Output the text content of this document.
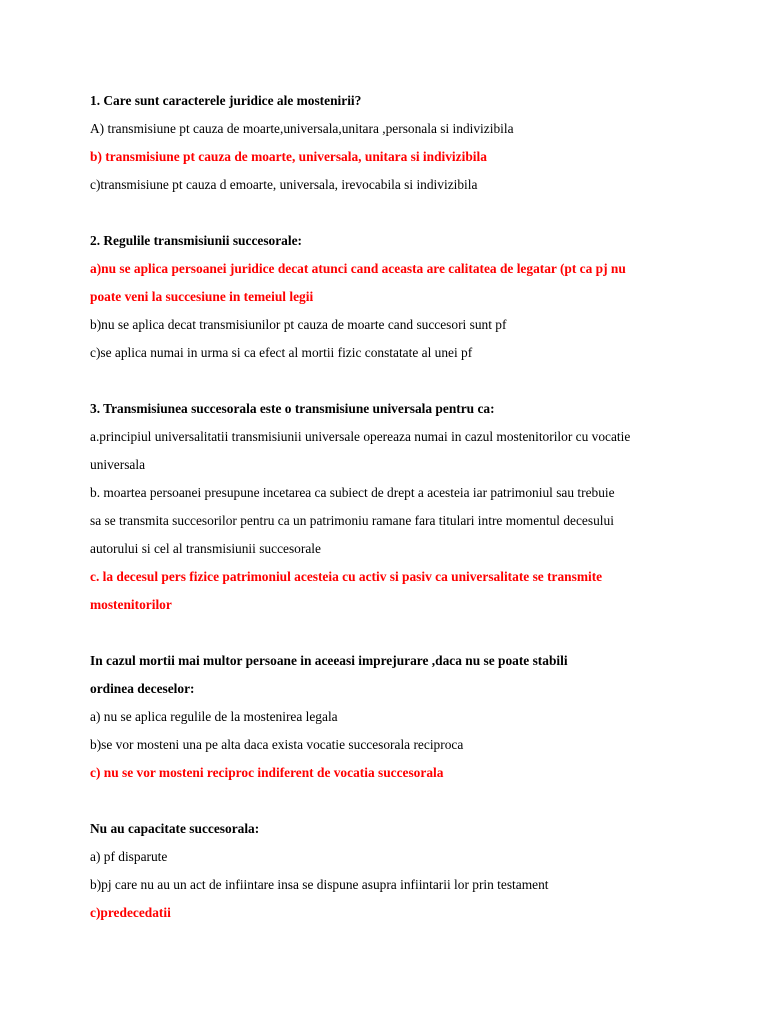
1. Care sunt caracterele juridice ale mostenirii?
A) transmisiune pt cauza de moarte,universala,unitara ,personala si indivizibila
b) transmisiune pt cauza de moarte, universala, unitara si indivizibila
c)transmisiune pt cauza d emoarte, universala, irevocabila si indivizibila
2. Regulile transmisiunii succesorale:
a)nu se aplica persoanei juridice decat atunci cand aceasta are calitatea de legatar (pt ca pj nu
poate veni la succesiune in temeiul legii
b)nu se aplica decat transmisiunilor pt cauza de moarte cand succesori sunt pf
c)se aplica numai in urma si ca efect al mortii fizic constatate al unei pf
3. Transmisiunea succesorala este o transmisiune universala pentru ca:
a.principiul universalitatii transmisiunii universale opereaza numai in cazul mostenitorilor cu vocatie
universala
b. moartea persoanei presupune incetarea ca subiect de drept a acesteia iar patrimoniul sau trebuie
sa se transmita succesorilor pentru ca un patrimoniu ramane fara titulari intre momentul decesului
autorului si cel al transmisiunii succesorale
c. la decesul pers fizice patrimoniul acesteia cu activ si pasiv ca universalitate se transmite
mostenitorilor
In cazul mortii mai multor persoane in aceeasi imprejurare ,daca nu se poate stabili
ordinea deceselor:
a) nu se aplica regulile de la mostenirea legala
b)se vor mosteni una pe alta daca exista vocatie succesorala reciproca
c) nu se vor mosteni reciproc indiferent de vocatia succesorala
Nu au capacitate succesorala:
a) pf disparute
b)pj care nu au un act de infiintare insa se dispune asupra infiintarii lor prin testament
c)predecedatii
